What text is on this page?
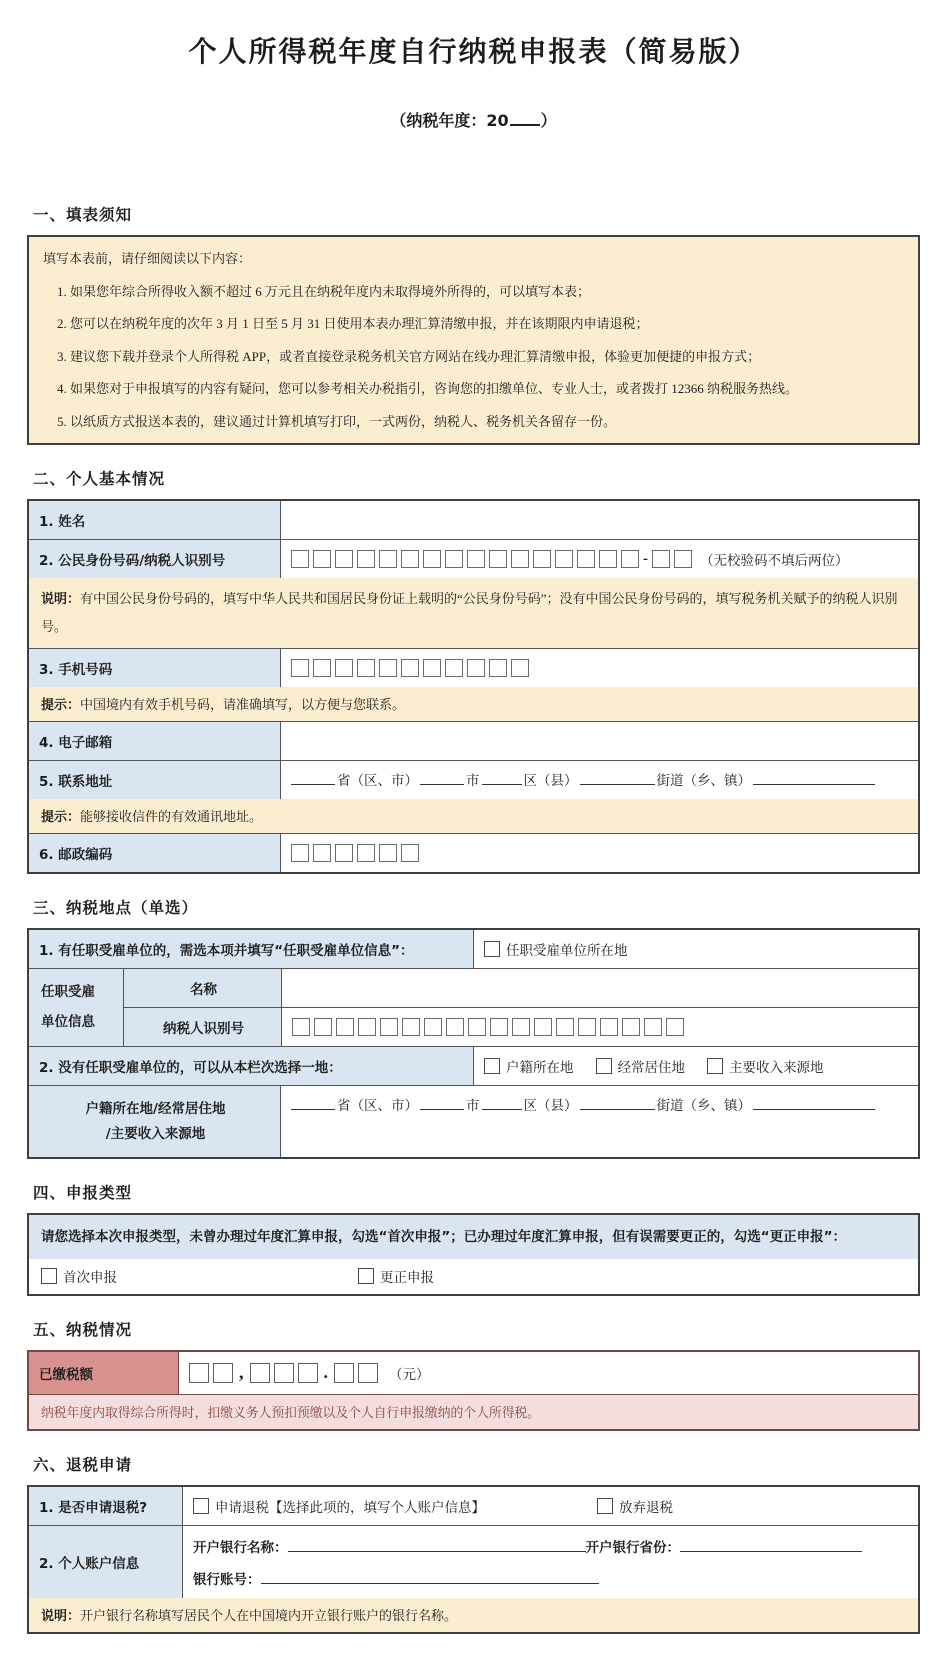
个人所得税年度自行纳税申报表（简易版）
（纳税年度：20 ）
一、填表须知
填写本表前，请仔细阅读以下内容：
1. 如果您年综合所得收入额不超过 6 万元且在纳税年度内未取得境外所得的，可以填写本表；
2. 您可以在纳税年度的次年 3 月 1 日至 5 月 31 日使用本表办理汇算清缴申报，并在该期限内申请退税；
3. 建议您下载并登录个人所得税 APP，或者直接登录税务机关官方网站在线办理汇算清缴申报，体验更加便捷的申报方式；
4. 如果您对于申报填写的内容有疑问，您可以参考相关办税指引，咨询您的扣缴单位、专业人士，或者拨打 12366 纳税服务热线。
5. 以纸质方式报送本表的，建议通过计算机填写打印，一式两份，纳税人、税务机关各留存一份。
二、个人基本情况
1. 姓名
2. 公民身份号码/纳税人识别号	-	（无校验码不填后两位）
说明：有中国公民身份号码的，填写中华人民共和国居民身份证上载明的“公民身份号码”；没有中国公民身份号码的，填写税务机关赋予的纳税人识别号。
3. 手机号码
提示：中国境内有效手机号码，请准确填写，以方便与您联系。
4. 电子邮箱
5. 联系地址	省（区、市）	市	区（县）	街道（乡、镇）
提示：能够接收信件的有效通讯地址。
6. 邮政编码
三、纳税地点（单选）
1. 有任职受雇单位的，需选本项并填写“任职受雇单位信息”：	任职受雇单位所在地
任职受雇
单位信息
名称
纳税人识别号
2. 没有任职受雇单位的，可以从本栏次选择一地：	户籍所在地	经常居住地	主要收入来源地
户籍所在地/经常居住地
/主要收入来源地
省（区、市）	市	区（县）	街道（乡、镇）
四、申报类型
请您选择本次申报类型，未曾办理过年度汇算申报，勾选“首次申报”；已办理过年度汇算申报，但有误需要更正的，勾选“更正申报”：
首次申报	更正申报
五、纳税情况
已缴税额	,	.	（元）
纳税年度内取得综合所得时，扣缴义务人预扣预缴以及个人自行申报缴纳的个人所得税。
六、退税申请
1. 是否申请退税?	申请退税【选择此项的，填写个人账户信息】	放弃退税
2. 个人账户信息
开户银行名称：	开户银行省份：
银行账号：
说明：开户银行名称填写居民个人在中国境内开立银行账户的银行名称。
